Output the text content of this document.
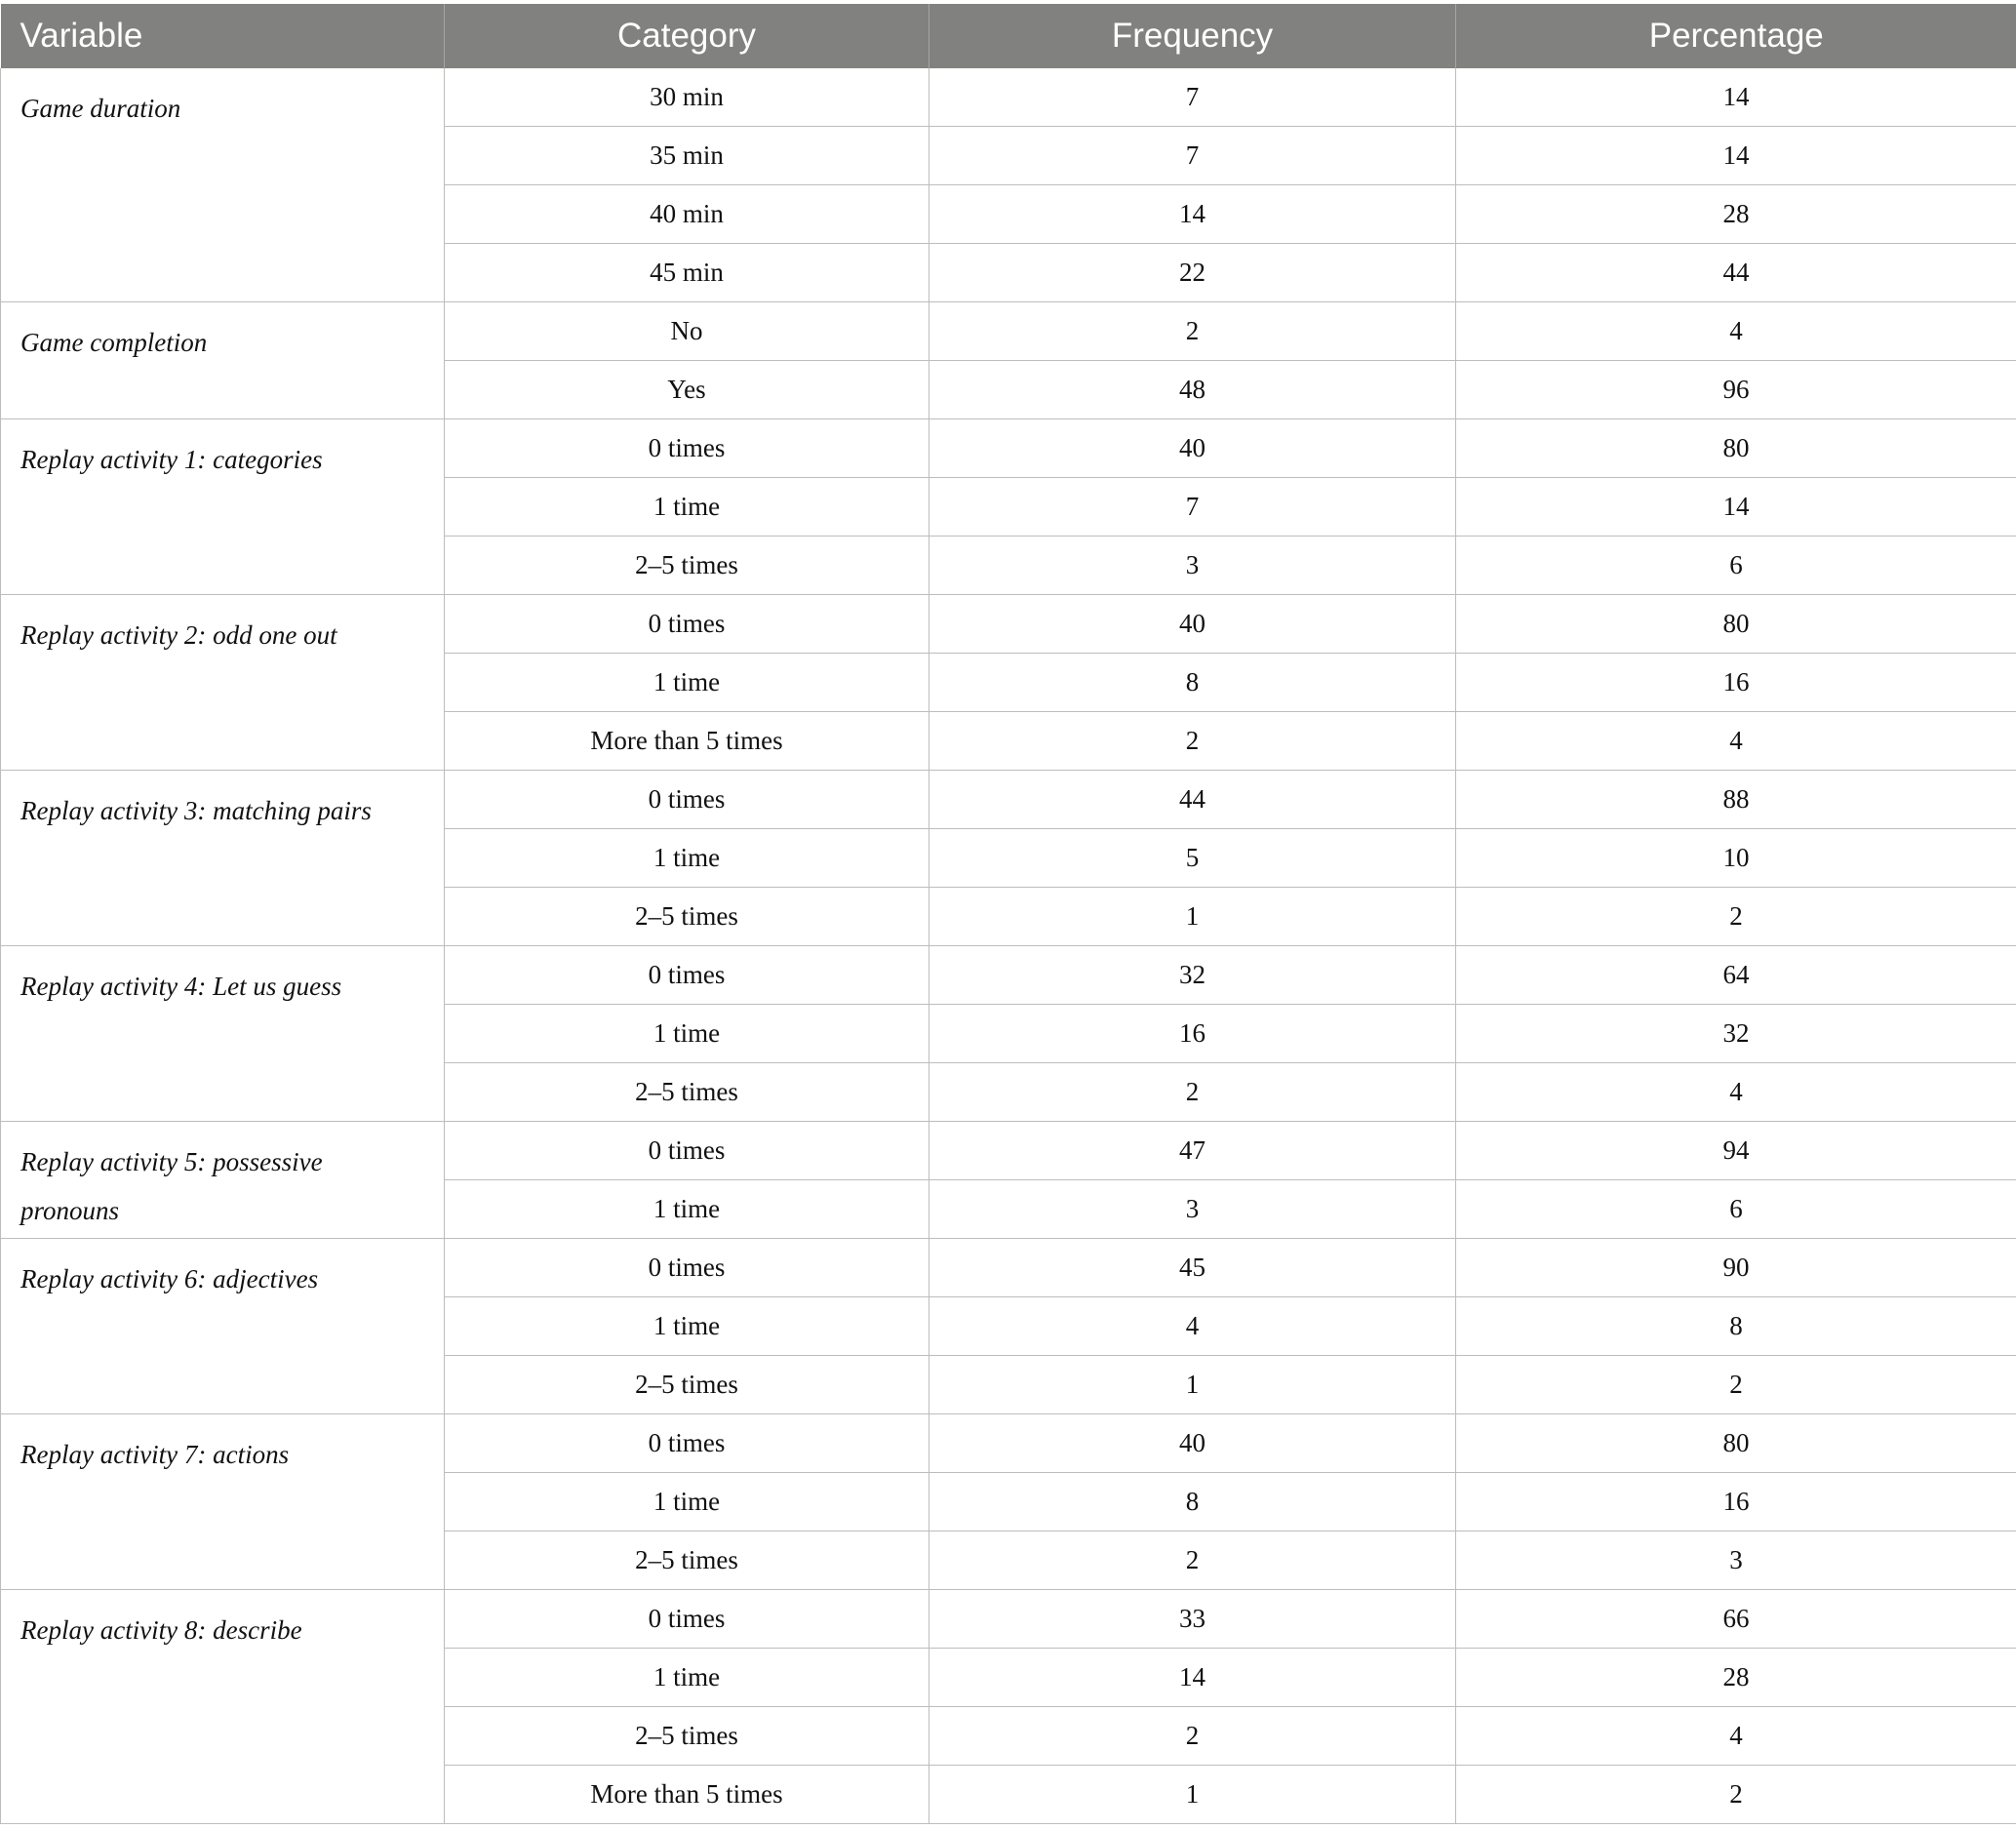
Variable	Category	Frequency	Percentage
Game duration	30 min	7	14
	35 min	7	14
	40 min	14	28
	45 min	22	44
Game completion	No	2	4
	Yes	48	96
Replay activity 1: categories	0 times	40	80
	1 time	7	14
	2–5 times	3	6
Replay activity 2: odd one out	0 times	40	80
	1 time	8	16
	More than 5 times	2	4
Replay activity 3: matching pairs	0 times	44	88
	1 time	5	10
	2–5 times	1	2
Replay activity 4: Let us guess	0 times	32	64
	1 time	16	32
	2–5 times	2	4
Replay activity 5: possessive pronouns	0 times	47	94
	1 time	3	6
Replay activity 6: adjectives	0 times	45	90
	1 time	4	8
	2–5 times	1	2
Replay activity 7: actions	0 times	40	80
	1 time	8	16
	2–5 times	2	3
Replay activity 8: describe	0 times	33	66
	1 time	14	28
	2–5 times	2	4
	More than 5 times	1	2
